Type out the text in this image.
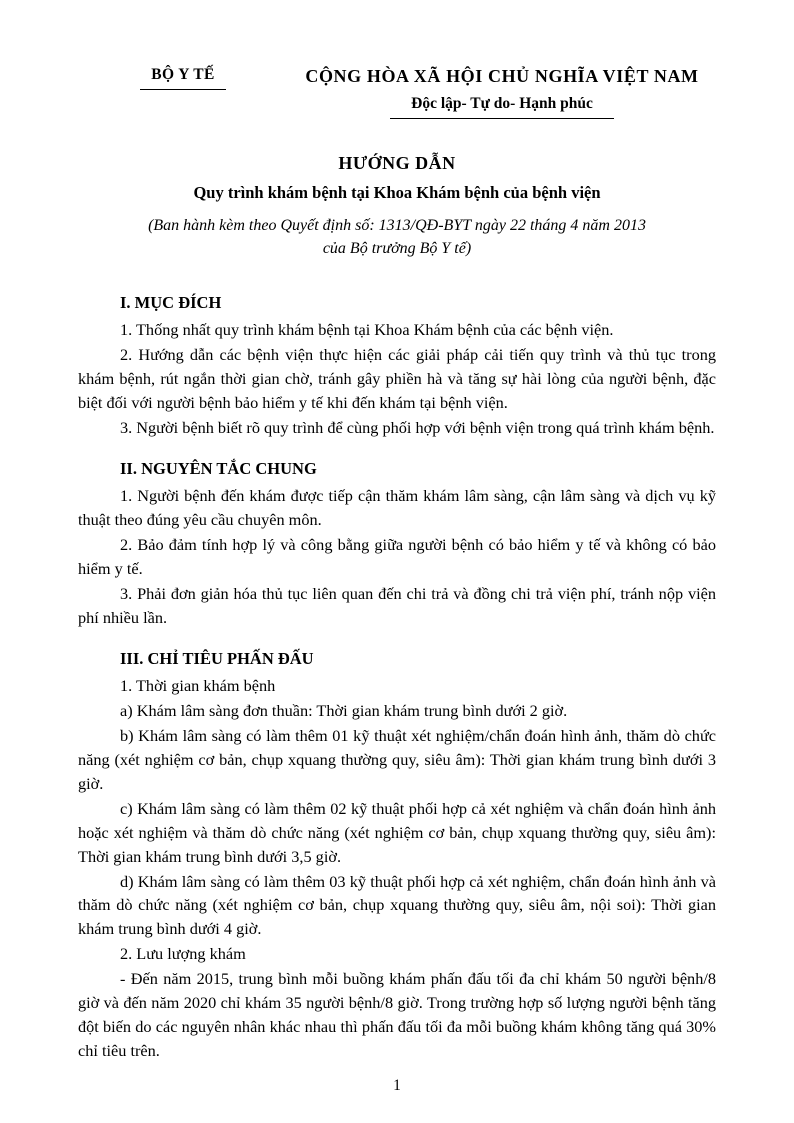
BỘ Y TẾ	CỘNG HÒA XÃ HỘI CHỦ NGHĨA VIỆT NAM
Độc lập- Tự do- Hạnh phúc
HƯỚNG DẪN
Quy trình khám bệnh tại Khoa Khám bệnh của bệnh viện
(Ban hành kèm theo Quyết định số: 1313/QĐ-BYT ngày 22 tháng 4 năm 2013
của Bộ trưởng Bộ Y tế)
I. MỤC ĐÍCH

1. Thống nhất quy trình khám bệnh tại Khoa Khám bệnh của các bệnh viện.

2. Hướng dẫn các bệnh viện thực hiện các giải pháp cải tiến quy trình và thủ tục trong khám bệnh, rút ngắn thời gian chờ, tránh gây phiền hà và tăng sự hài lòng của người bệnh, đặc biệt đối với người bệnh bảo hiểm y tế khi đến khám tại bệnh viện.

3. Người bệnh biết rõ quy trình để cùng phối hợp với bệnh viện trong quá trình khám bệnh.

II. NGUYÊN TẮC CHUNG

1. Người bệnh đến khám được tiếp cận thăm khám lâm sàng, cận lâm sàng và dịch vụ kỹ thuật theo đúng yêu cầu chuyên môn.

2. Bảo đảm tính hợp lý và công bằng giữa người bệnh có bảo hiểm y tế và không có bảo hiểm y tế.

3. Phải đơn giản hóa thủ tục liên quan đến chi trả và đồng chi trả viện phí, tránh nộp viện phí nhiều lần.

III. CHỈ TIÊU PHẤN ĐẤU

1. Thời gian khám bệnh

a) Khám lâm sàng đơn thuần: Thời gian khám trung bình dưới 2 giờ.

b) Khám lâm sàng có làm thêm 01 kỹ thuật xét nghiệm/chẩn đoán hình ảnh, thăm dò chức năng (xét nghiệm cơ bản, chụp xquang thường quy, siêu âm): Thời gian khám trung bình dưới 3 giờ.

c) Khám lâm sàng có làm thêm 02 kỹ thuật phối hợp cả xét nghiệm và chẩn đoán hình ảnh hoặc xét nghiệm và thăm dò chức năng (xét nghiệm cơ bản, chụp xquang thường quy, siêu âm): Thời gian khám trung bình dưới 3,5 giờ.

d) Khám lâm sàng có làm thêm 03 kỹ thuật phối hợp cả xét nghiệm, chẩn đoán hình ảnh và thăm dò chức năng (xét nghiệm cơ bản, chụp xquang thường quy, siêu âm, nội soi): Thời gian khám trung bình dưới 4 giờ.

2. Lưu lượng khám

- Đến năm 2015, trung bình mỗi buồng khám phấn đấu tối đa chỉ khám 50 người bệnh/8 giờ và đến năm 2020 chỉ khám 35 người bệnh/8 giờ. Trong trường hợp số lượng người bệnh tăng đột biến do các nguyên nhân khác nhau thì phấn đấu tối đa mỗi buồng khám không tăng quá 30% chỉ tiêu trên.

1
